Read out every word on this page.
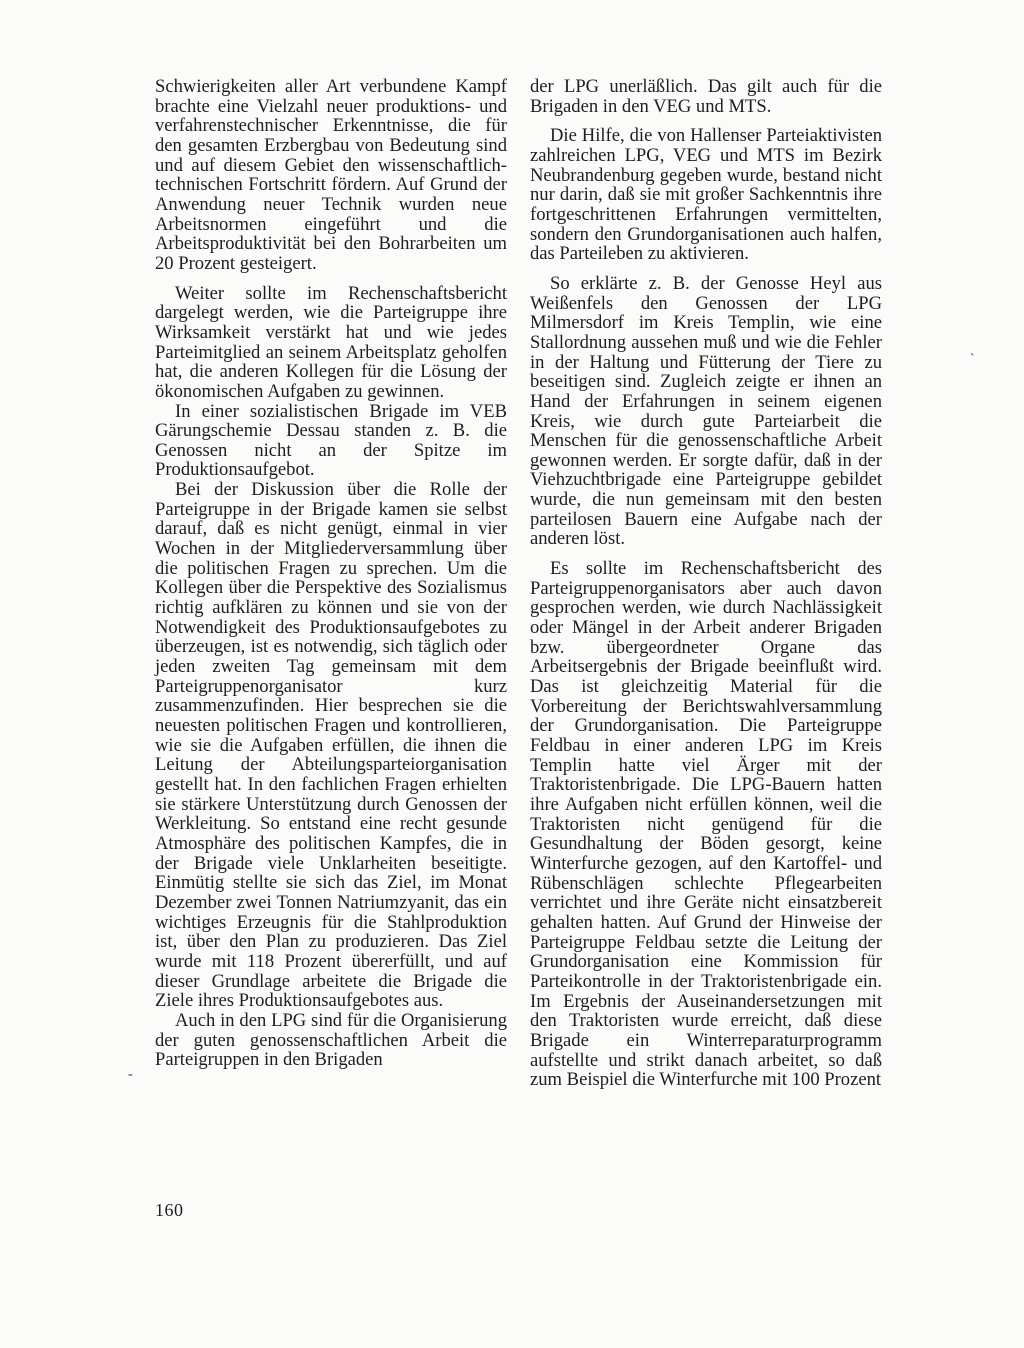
Schwierigkeiten aller Art verbundene Kampf brachte eine Vielzahl neuer produktions- und verfahrenstechnischer Erkenntnisse, die für den gesamten Erzbergbau von Bedeutung sind und auf diesem Gebiet den wissenschaftlich-technischen Fortschritt fördern. Auf Grund der Anwendung neuer Technik wurden neue Arbeitsnormen eingeführt und die Arbeitsproduktivität bei den Bohrarbeiten um 20 Prozent gesteigert.

Weiter sollte im Rechenschaftsbericht dargelegt werden, wie die Parteigruppe ihre Wirksamkeit verstärkt hat und wie jedes Parteimitglied an seinem Arbeitsplatz geholfen hat, die anderen Kollegen für die Lösung der ökonomischen Aufgaben zu gewinnen.

In einer sozialistischen Brigade im VEB Gärungschemie Dessau standen z. B. die Genossen nicht an der Spitze im Produktionsaufgebot.

Bei der Diskussion über die Rolle der Parteigruppe in der Brigade kamen sie selbst darauf, daß es nicht genügt, einmal in vier Wochen in der Mitgliederversammlung über die politischen Fragen zu sprechen. Um die Kollegen über die Perspektive des Sozialismus richtig aufklären zu können und sie von der Notwendigkeit des Produktionsaufgebotes zu überzeugen, ist es notwendig, sich täglich oder jeden zweiten Tag gemeinsam mit dem Parteigruppenorganisator kurz zusammenzufinden. Hier besprechen sie die neuesten politischen Fragen und kontrollieren, wie sie die Aufgaben erfüllen, die ihnen die Leitung der Abteilungsparteiorganisation gestellt hat. In den fachlichen Fragen erhielten sie stärkere Unterstützung durch Genossen der Werkleitung. So entstand eine recht gesunde Atmosphäre des politischen Kampfes, die in der Brigade viele Unklarheiten beseitigte. Einmütig stellte sie sich das Ziel, im Monat Dezember zwei Tonnen Natriumzyanit, das ein wichtiges Erzeugnis für die Stahlproduktion ist, über den Plan zu produzieren. Das Ziel wurde mit 118 Prozent übererfüllt, und auf dieser Grundlage arbeitete die Brigade die Ziele ihres Produktionsaufgebotes aus.

Auch in den LPG sind für die Organisierung der guten genossenschaftlichen Arbeit die Parteigruppen in den Brigaden

der LPG unerläßlich. Das gilt auch für die Brigaden in den VEG und MTS.

Die Hilfe, die von Hallenser Parteiaktivisten zahlreichen LPG, VEG und MTS im Bezirk Neubrandenburg gegeben wurde, bestand nicht nur darin, daß sie mit großer Sachkenntnis ihre fortgeschrittenen Erfahrungen vermittelten, sondern den Grundorganisationen auch halfen, das Parteileben zu aktivieren.

So erklärte z. B. der Genosse Heyl aus Weißenfels den Genossen der LPG Milmersdorf im Kreis Templin, wie eine Stallordnung aussehen muß und wie die Fehler in der Haltung und Fütterung der Tiere zu beseitigen sind. Zugleich zeigte er ihnen an Hand der Erfahrungen in seinem eigenen Kreis, wie durch gute Parteiarbeit die Menschen für die genossenschaftliche Arbeit gewonnen werden. Er sorgte dafür, daß in der Viehzuchtbrigade eine Parteigruppe gebildet wurde, die nun gemeinsam mit den besten parteilosen Bauern eine Aufgabe nach der anderen löst.

Es sollte im Rechenschaftsbericht des Parteigruppenorganisators aber auch davon gesprochen werden, wie durch Nachlässigkeit oder Mängel in der Arbeit anderer Brigaden bzw. übergeordneter Organe das Arbeitsergebnis der Brigade beeinflußt wird. Das ist gleichzeitig Material für die Vorbereitung der Berichtswahlversammlung der Grundorganisation. Die Parteigruppe Feldbau in einer anderen LPG im Kreis Templin hatte viel Ärger mit der Traktoristenbrigade. Die LPG-Bauern hatten ihre Aufgaben nicht erfüllen können, weil die Traktoristen nicht genügend für die Gesundhaltung der Böden gesorgt, keine Winterfurche gezogen, auf den Kartoffel- und Rübenschlägen schlechte Pflegearbeiten verrichtet und ihre Geräte nicht einsatzbereit gehalten hatten. Auf Grund der Hinweise der Parteigruppe Feldbau setzte die Leitung der Grundorganisation eine Kommission für Parteikontrolle in der Traktoristenbrigade ein. Im Ergebnis der Auseinandersetzungen mit den Traktoristen wurde erreicht, daß diese Brigade ein Winterreparaturprogramm aufstellte und strikt danach arbeitet, so daß zum Beispiel die Winterfurche mit 100 Prozent

160
ˋ
-
